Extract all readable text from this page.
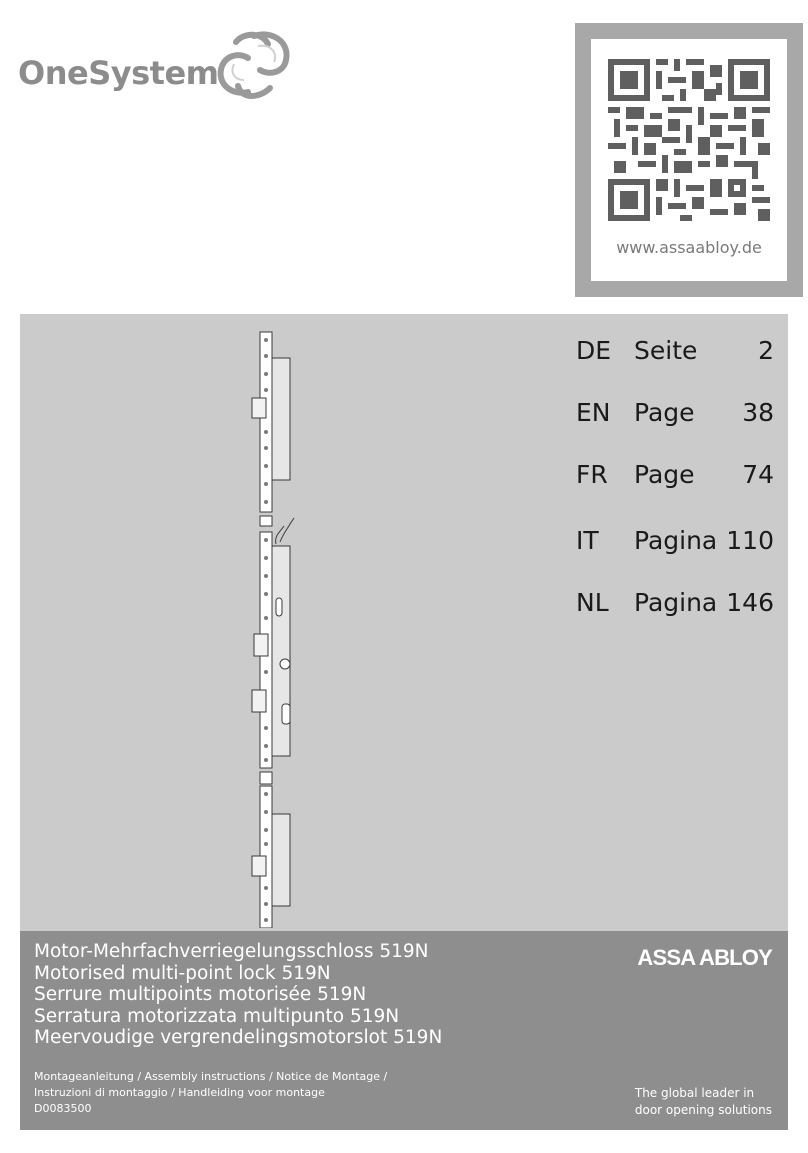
OneSystem
www.assaabloy.de
DE Seite	2
EN Page	38
FR Page	74
IT Pagina 110
NL Pagina 146
Motor-Mehrfachverriegelungsschloss 519N
Motorised multi-point lock 519N
Serrure multipoints motorisée 519N
Serratura motorizzata multipunto 519N
Meervoudige vergrendelingsmotorslot 519N
Montageanleitung / Assembly instructions / Notice de Montage /
Instruzioni di montaggio / Handleiding voor montage
D0083500
ASSA ABLOY
The global leader in
door opening solutions
